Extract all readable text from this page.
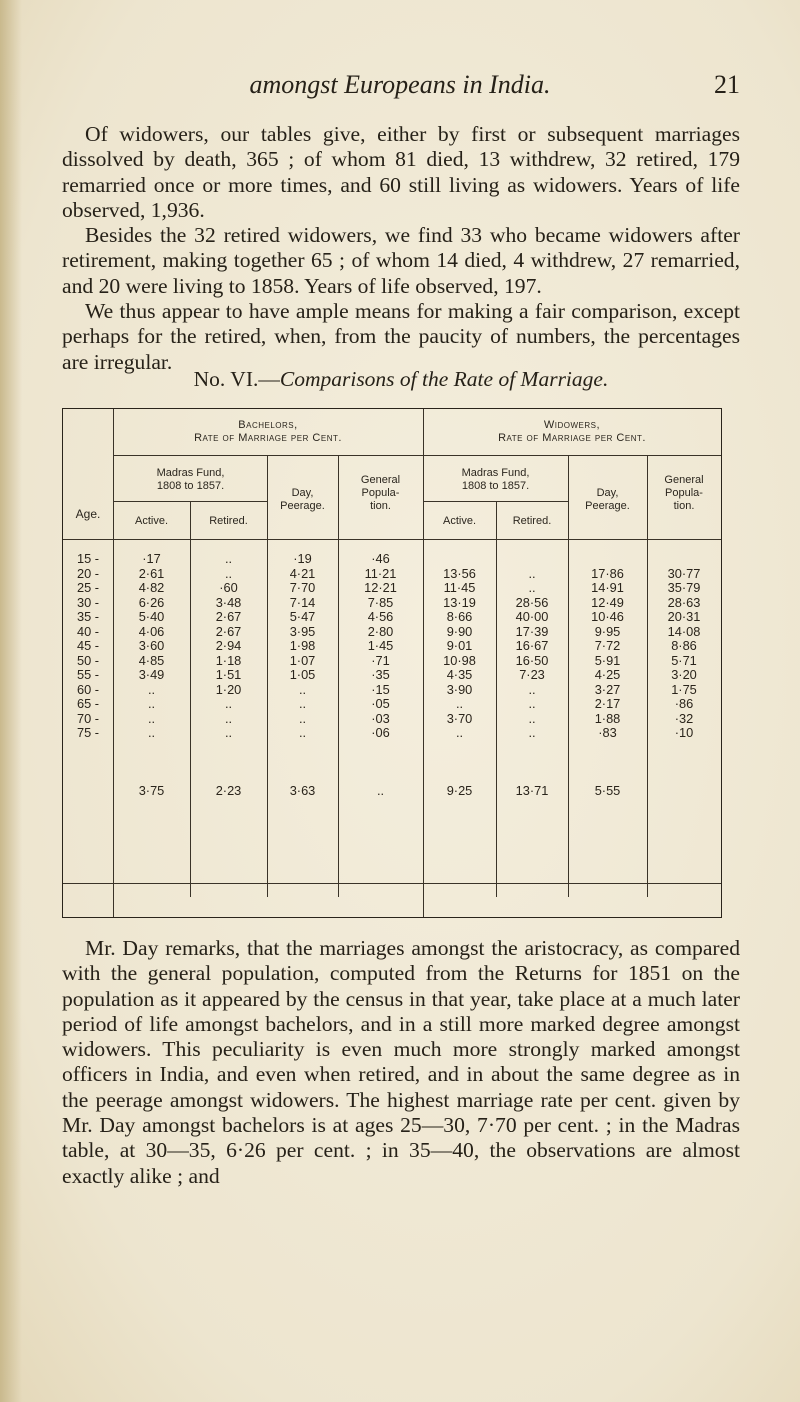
amongst Europeans in India.	21

Of widowers, our tables give, either by first or subsequent marriages dissolved by death, 365 ; of whom 81 died, 13 withdrew, 32 retired, 179 remarried once or more times, and 60 still living as widowers. Years of life observed, 1,936.

Besides the 32 retired widowers, we find 33 who became widowers after retirement, making together 65 ; of whom 14 died, 4 withdrew, 27 remarried, and 20 were living to 1858. Years of life observed, 197.

We thus appear to have ample means for making a fair comparison, except perhaps for the retired, when, from the paucity of numbers, the percentages are irregular.

No. VI.—Comparisons of the Rate of Marriage.
Age.
Bachelors,
Rate of Marriage per Cent.
Widowers,
Rate of Marriage per Cent.
Madras Fund,
1808 to 1857.
Madras Fund,
1808 to 1857.
Active.	Retired.	Active.	Retired.
Day,
Peerage.
Day,
Peerage.
General
Popula-
tion.
General
Popula-
tion.
15 -	·17	..	·19	·46
20 -	2·61	..	4·21	11·21	13·56	..	17·86	30·77
25 -	4·82	·60	7·70	12·21	11·45	..	14·91	35·79
30 -	6·26	3·48	7·14	7·85	13·19	28·56	12·49	28·63
35 -	5·40	2·67	5·47	4·56	8·66	40·00	10·46	20·31
40 -	4·06	2·67	3·95	2·80	9·90	17·39	9·95	14·08
45 -	3·60	2·94	1·98	1·45	9·01	16·67	7·72	8·86
50 -	4·85	1·18	1·07	·71	10·98	16·50	5·91	5·71
55 -	3·49	1·51	1·05	·35	4·35	7·23	4·25	3·20
60 -	..	1·20	..	·15	3·90	..	3·27	1·75
65 -	..	..	..	·05	..	..	2·17	·86
70 -	..	..	..	·03	3·70	..	1·88	·32
75 -	..	..	..	·06	..	..	·83	·10
3·75	2·23	3·63	..	9·25	13·71	5·55

Mr. Day remarks, that the marriages amongst the aristocracy, as compared with the general population, computed from the Returns for 1851 on the population as it appeared by the census in that year, take place at a much later period of life amongst bachelors, and in a still more marked degree amongst widowers. This peculiarity is even much more strongly marked amongst officers in India, and even when retired, and in about the same degree as in the peerage amongst widowers. The highest marriage rate per cent. given by Mr. Day amongst bachelors is at ages 25—30, 7·70 per cent. ; in the Madras table, at 30—35, 6·26 per cent. ; in 35—40, the observations are almost exactly alike ; and
